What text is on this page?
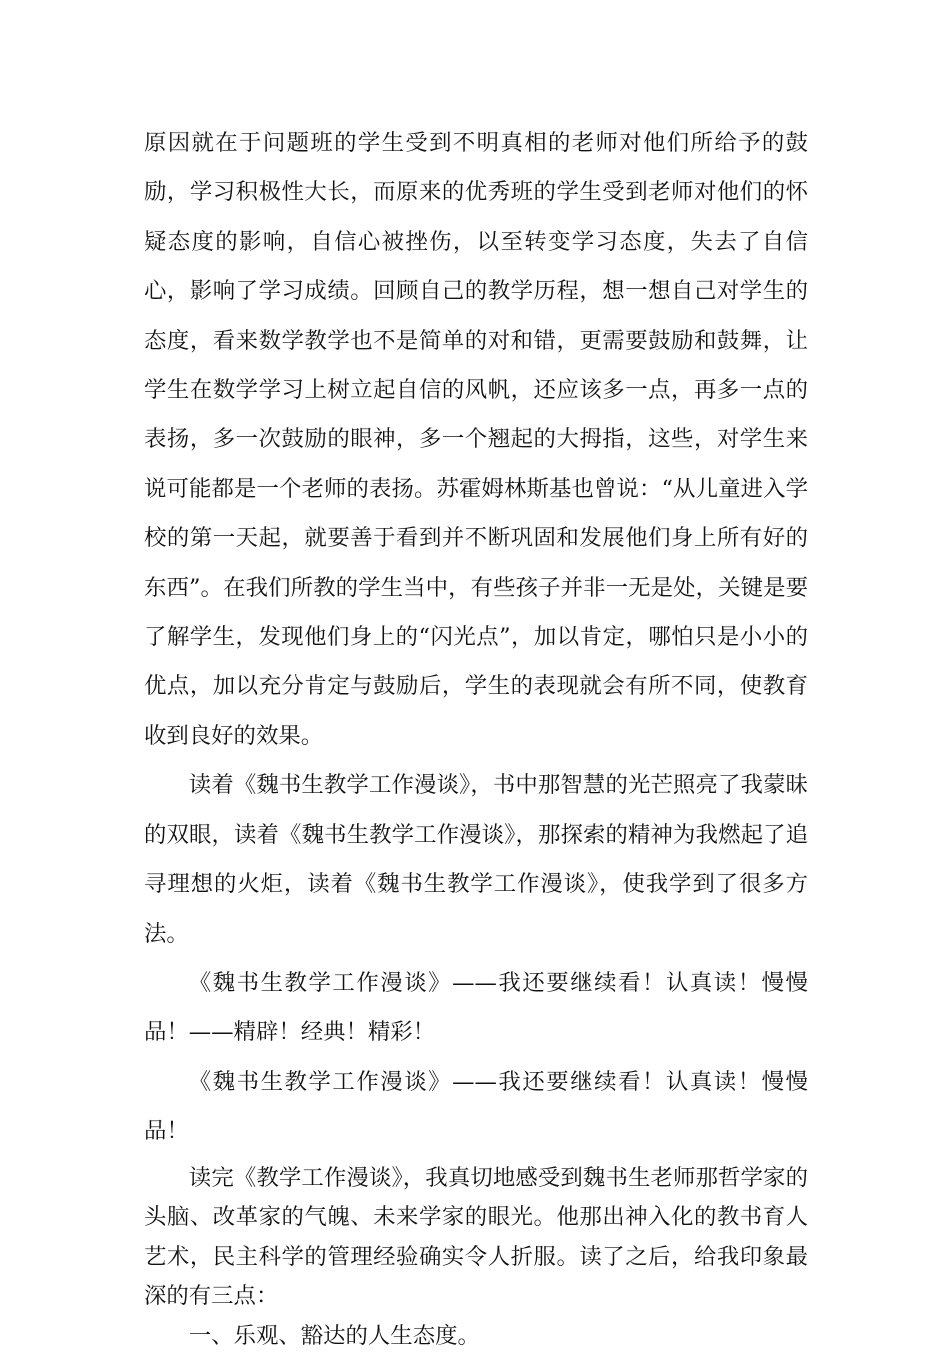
原因就在于问题班的学生受到不明真相的老师对他们所给予的鼓励，学习积极性大长，而原来的优秀班的学生受到老师对他们的怀疑态度的影响，自信心被挫伤，以至转变学习态度，失去了自信心，影响了学习成绩。回顾自己的教学历程，想一想自己对学生的态度，看来数学教学也不是简单的对和错，更需要鼓励和鼓舞，让学生在数学学习上树立起自信的风帆，还应该多一点，再多一点的表扬，多一次鼓励的眼神，多一个翘起的大拇指，这些，对学生来说可能都是一个老师的表扬。苏霍姆林斯基也曾说：“从儿童进入学校的第一天起，就要善于看到并不断巩固和发展他们身上所有好的东西”。在我们所教的学生当中，有些孩子并非一无是处，关键是要了解学生，发现他们身上的“闪光点”，加以肯定，哪怕只是小小的优点，加以充分肯定与鼓励后，学生的表现就会有所不同，使教育收到良好的效果。

读着《魏书生教学工作漫谈》，书中那智慧的光芒照亮了我蒙昧的双眼，读着《魏书生教学工作漫谈》，那探索的精神为我燃起了追寻理想的火炬，读着《魏书生教学工作漫谈》，使我学到了很多方法。

《魏书生教学工作漫谈》——我还要继续看！认真读！慢慢品！——精辟！经典！精彩！

《魏书生教学工作漫谈》——我还要继续看！认真读！慢慢品！

读完《教学工作漫谈》，我真切地感受到魏书生老师那哲学家的头脑、改革家的气魄、未来学家的眼光。他那出神入化的教书育人艺术，民主科学的管理经验确实令人折服。读了之后，给我印象最深的有三点：

一、乐观、豁达的人生态度。
